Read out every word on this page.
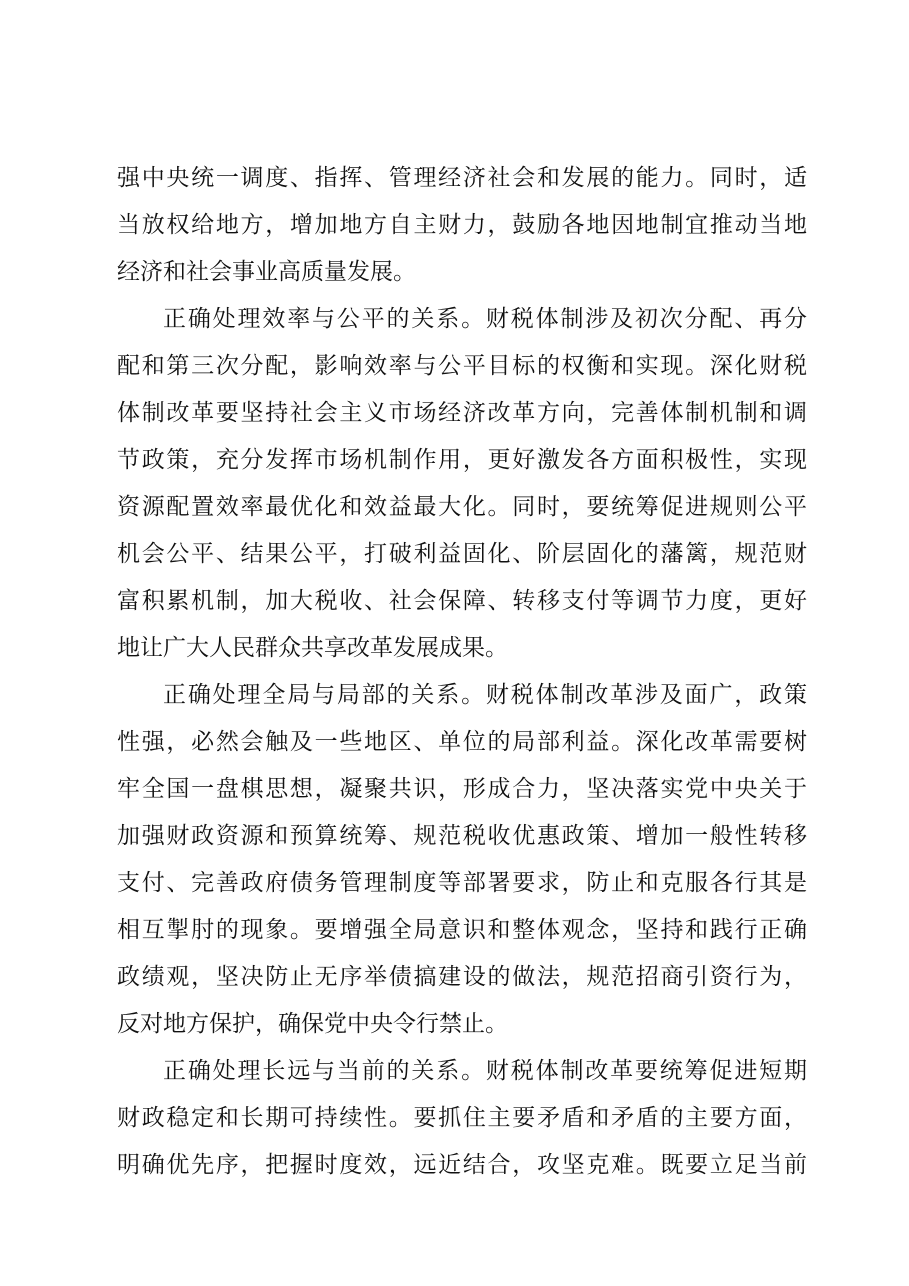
强中央统一调度、指挥、管理经济社会和发展的能力。同时，适
当放权给地方，增加地方自主财力，鼓励各地因地制宜推动当地
经济和社会事业高质量发展。
正确处理效率与公平的关系。财税体制涉及初次分配、再分
配和第三次分配，影响效率与公平目标的权衡和实现。深化财税
体制改革要坚持社会主义市场经济改革方向，完善体制机制和调
节政策，充分发挥市场机制作用，更好激发各方面积极性，实现
资源配置效率最优化和效益最大化。同时，要统筹促进规则公平
机会公平、结果公平，打破利益固化、阶层固化的藩篱，规范财
富积累机制，加大税收、社会保障、转移支付等调节力度，更好
地让广大人民群众共享改革发展成果。
正确处理全局与局部的关系。财税体制改革涉及面广，政策
性强，必然会触及一些地区、单位的局部利益。深化改革需要树
牢全国一盘棋思想，凝聚共识，形成合力，坚决落实党中央关于
加强财政资源和预算统筹、规范税收优惠政策、增加一般性转移
支付、完善政府债务管理制度等部署要求，防止和克服各行其是
相互掣肘的现象。要增强全局意识和整体观念，坚持和践行正确
政绩观，坚决防止无序举债搞建设的做法，规范招商引资行为，
反对地方保护，确保党中央令行禁止。
正确处理长远与当前的关系。财税体制改革要统筹促进短期
财政稳定和长期可持续性。要抓住主要矛盾和矛盾的主要方面，
明确优先序，把握时度效，远近结合，攻坚克难。既要立足当前
